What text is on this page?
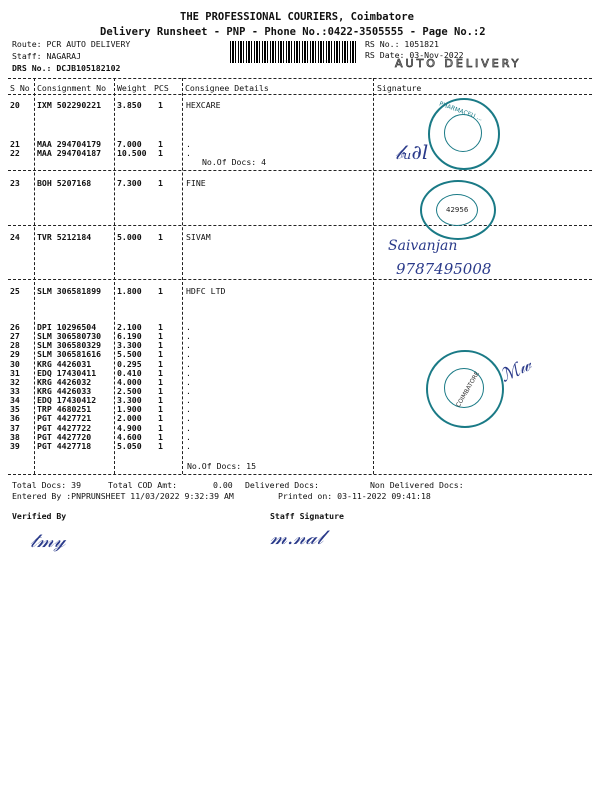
THE PROFESSIONAL COURIERS, Coimbatore
Delivery Runsheet - PNP - Phone No.:0422-3505555 - Page No.:2
Route: PCR AUTO DELIVERY
Staff: NAGARAJ
DRS No.: DCJB105182102
RS No.: 1051821
RS Date: 03-Nov-2022
AUTO DELIVERY
S No Consignment No Weight PCS Consignee Details	Signature
20 IXM 502290221 3.850 1	HEXCARE
21 MAA 294704179 7.000 1	.
22 MAA 294704187 10.500 1	.
23 BOH 5207168	7.300 1	FINE
24 TVR 5212184	5.000 1	SIVAM
25 SLM 306581899 1.800 1	HDFC LTD
26 DPI 10296504	2.100 1	.
27 SLM 306580730 6.190 1	.
28 SLM 306580329 3.300 1	.
29 SLM 306581616 5.500 1	.
30 KRG 4426031	0.295 1	.
31 EDQ 17430411	0.410 1	.
32 KRG 4426032	4.000 1	.
33 KRG 4426033	2.500 1	.
34 EDQ 17430412	3.300 1	.
35 TRP 4680251	1.900 1	.
36 PGT 4427721	2.000 1	.
37 PGT 4427722	4.900 1	.
38 PGT 4427720	4.600 1	.
39 PGT 4427718	5.050 1	.
No.Of Docs: 4
No.Of Docs: 15
PHARMACEU ...
𝒷ᵤ∂l
42956
Saivanjan
9787495008
COIMBATORE ℳ𝓌
Total Docs: 39	Total COD Amt:	0.00 Delivered Docs:	Non Delivered Docs:
Entered By :PNPRUNSHEET 11/03/2022 9:32:39 AM	Printed on: 03-11-2022 09:41:18
Verified By	Staff Signature
𝓉𝓂𝓎	𝓂.𝓃𝒶𝓁
